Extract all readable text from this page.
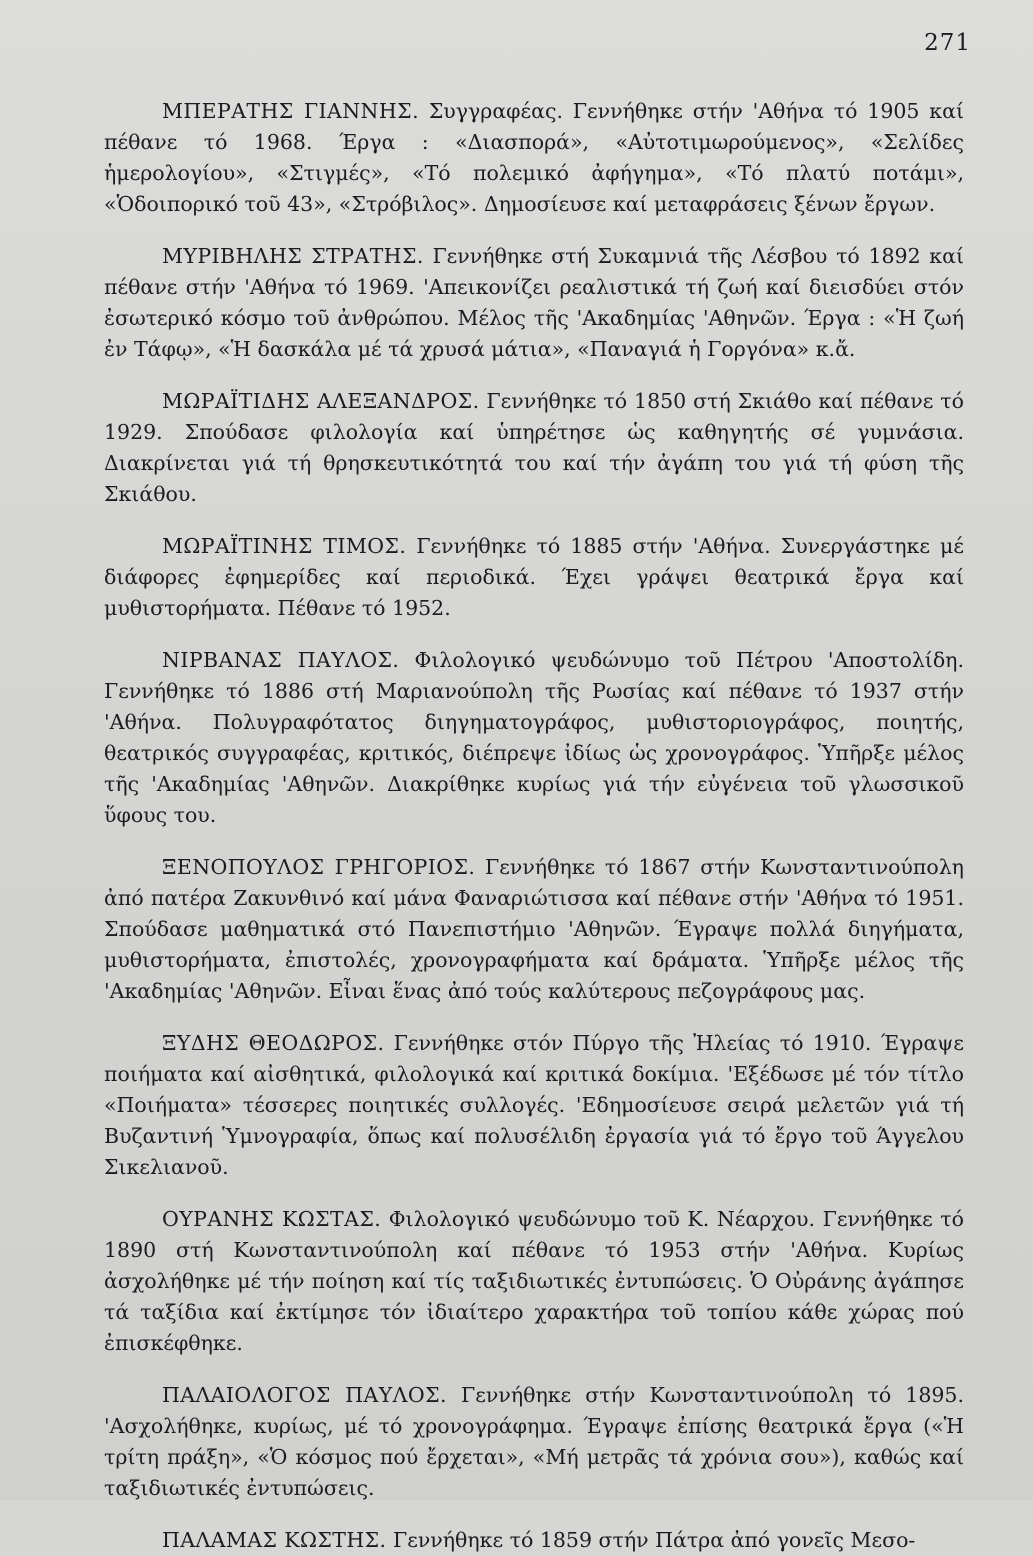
271

ΜΠΕΡΑΤΗΣ ΓΙΑΝΝΗΣ. Συγγραφέας. Γεννήθηκε στήν 'Αθήνα τό 1905 καί πέθανε τό 1968. Έργα : «Διασπορά», «Αὐτοτιμωρούμενος», «Σελίδες ἡμερολογίου», «Στιγμές», «Τό πολεμικό ἀφήγημα», «Τό πλατύ ποτάμι», «Ὁδοιπορικό τοῦ 43», «Στρόβιλος». Δημοσίευσε καί μεταφράσεις ξένων ἔργων.

ΜΥΡΙΒΗΛΗΣ ΣΤΡΑΤΗΣ. Γεννήθηκε στή Συκαμνιά τῆς Λέσβου τό 1892 καί πέθανε στήν 'Αθήνα τό 1969. 'Απεικονίζει ρεαλιστικά τή ζωή καί διεισδύει στόν ἐσωτερικό κόσμο τοῦ ἀνθρώπου. Μέλος τῆς 'Ακαδημίας 'Αθηνῶν. Έργα : «Ἡ ζωή ἐν Τάφῳ», «Ἡ δασκάλα μέ τά χρυσά μάτια», «Παναγιά ἡ Γοργόνα» κ.ἄ.

ΜΩΡΑΪΤΙΔΗΣ ΑΛΕΞΑΝΔΡΟΣ. Γεννήθηκε τό 1850 στή Σκιάθο καί πέθανε τό 1929. Σπούδασε φιλολογία καί ὑπηρέτησε ὡς καθηγητής σέ γυμνάσια. Διακρίνεται γιά τή θρησκευτικότητά του καί τήν ἀγάπη του γιά τή φύση τῆς Σκιάθου.

ΜΩΡΑΪΤΙΝΗΣ ΤΙΜΟΣ. Γεννήθηκε τό 1885 στήν 'Αθήνα. Συνεργάστηκε μέ διάφορες ἐφημερίδες καί περιοδικά. Έχει γράψει θεατρικά ἔργα καί μυθιστορήματα. Πέθανε τό 1952.

ΝΙΡΒΑΝΑΣ ΠΑΥΛΟΣ. Φιλολογικό ψευδώνυμο τοῦ Πέτρου 'Αποστολίδη. Γεννήθηκε τό 1886 στή Μαριανούπολη τῆς Ρωσίας καί πέθανε τό 1937 στήν 'Αθήνα. Πολυγραφότατος διηγηματογράφος, μυθιστοριογράφος, ποιητής, θεατρικός συγγραφέας, κριτικός, διέπρεψε ἰδίως ὡς χρονογράφος. Ὑπῆρξε μέλος τῆς 'Ακαδημίας 'Αθηνῶν. Διακρίθηκε κυρίως γιά τήν εὐγένεια τοῦ γλωσσικοῦ ὕφους του.

ΞΕΝΟΠΟΥΛΟΣ ΓΡΗΓΟΡΙΟΣ. Γεννήθηκε τό 1867 στήν Κωνσταντινούπολη ἀπό πατέρα Ζακυνθινό καί μάνα Φαναριώτισσα καί πέθανε στήν 'Αθήνα τό 1951. Σπούδασε μαθηματικά στό Πανεπιστήμιο 'Αθηνῶν. Έγραψε πολλά διηγήματα, μυθιστορήματα, ἐπιστολές, χρονογραφήματα καί δράματα. Ὑπῆρξε μέλος τῆς 'Ακαδημίας 'Αθηνῶν. Εἶναι ἕνας ἀπό τούς καλύτερους πεζογράφους μας.

ΞΥΔΗΣ ΘΕΟΔΩΡΟΣ. Γεννήθηκε στόν Πύργο τῆς Ἠλείας τό 1910. Έγραψε ποιήματα καί αἰσθητικά, φιλολογικά καί κριτικά δοκίμια. 'Εξέδωσε μέ τόν τίτλο «Ποιήματα» τέσσερες ποιητικές συλλογές. 'Εδημοσίευσε σειρά μελετῶν γιά τή Βυζαντινή Ὑμνογραφία, ὅπως καί πολυσέλιδη ἐργασία γιά τό ἔργο τοῦ Άγγελου Σικελιανοῦ.

ΟΥΡΑΝΗΣ ΚΩΣΤΑΣ. Φιλολογικό ψευδώνυμο τοῦ Κ. Νέαρχου. Γεννήθηκε τό 1890 στή Κωνσταντινούπολη καί πέθανε τό 1953 στήν 'Αθήνα. Κυρίως ἀσχολήθηκε μέ τήν ποίηση καί τίς ταξιδιωτικές ἐντυπώσεις. Ὁ Οὐράνης ἀγάπησε τά ταξίδια καί ἐκτίμησε τόν ἰδιαίτερο χαρακτήρα τοῦ τοπίου κάθε χώρας πού ἐπισκέφθηκε.

ΠΑΛΑΙΟΛΟΓΟΣ ΠΑΥΛΟΣ. Γεννήθηκε στήν Κωνσταντινούπολη τό 1895. 'Ασχολήθηκε, κυρίως, μέ τό χρονογράφημα. Έγραψε ἐπίσης θεατρικά ἔργα («Ἡ τρίτη πράξη», «Ὁ κόσμος πού ἔρχεται», «Μή μετρᾶς τά χρόνια σου»), καθώς καί ταξιδιωτικές ἐντυπώσεις.

ΠΑΛΑΜΑΣ ΚΩΣΤΗΣ. Γεννήθηκε τό 1859 στήν Πάτρα ἀπό γονεῖς Μεσο-
